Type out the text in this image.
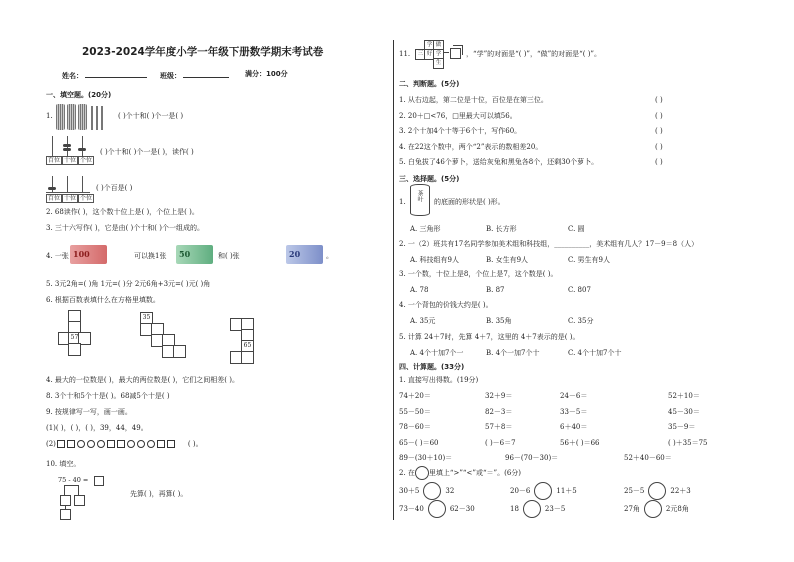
2023-2024学年度小学一年级下册数学期末考试卷
姓名：	班级：	满分：100分
一、填空题。(20分)
1.	( )个十和( )个一是( )
百位 十位 个位
( )个十和( )个一是( )，读作( )
百位 十位 个位
( )个百是( )
2. 68读作( )，这个数十位上是( )，个位上是( )。
3. 三十六写作( )，它是由( )个十和( )个一组成的。
4. 一张 100	可以换1张 50	和( )张	20	。
5. 3元2角=( )角 1元=( )分 2元6角+3元=( )元( )角
6. 根据百数表填什么在方格里填数。
57
35
65
4. 最大的一位数是( )，最大的两位数是( )，它们之间相差( )。
8. 3个十和5个十是( )。68减5个十是( )
9. 按规律写一写，画一画。
(1)( )，( )，( )，39，44，49。
(2)	( )。
10. 填空。
75 - 40 =
先算( )，再算( )。
11.
学 做
三 好 学
生
，“学”的对面是“( )”，“做”的对面是“( )”。
二、判断题。(5分)
1. 从右边起，第二位是十位，百位是在第三位。	( )
2. 20＋□<76，□里最大可以填56。	( )
3. 2个十加4个十等于6个十，写作60。	( )
4. 在22这个数中，两个“2”表示的数相差20。	( )
5. 白兔拔了46个萝卜，送给灰兔和黑兔各8个，还剩30个萝卜。	( )
三、选择题。(5分)
1. 茶叶 的底面的形状是( )形。
A. 三角形	B. 长方形	C. 圆
2. 一（2）班共有17名同学参加美术组和科技组，__________，美术组有几人？17－9＝8（人）
A. 科技组有9人	B. 女生有9人	C. 男生有9人
3. 一个数，十位上是8，个位上是7，这个数是( )。
A. 78	B. 87	C. 807
4. 一个背包的价钱大约是( )。
A. 35元	B. 35角	C. 35分
5. 计算 24＋7时，先算 4＋7，这里的 4＋7表示的是( )。
A. 4个十加7个一	B. 4个一加7个十	C. 4个十加7个十
四、计算题。(33分)
1. 直接写出得数。(19分)
74＋20＝	32＋9＝	24－6＝	52＋10＝
55－50＝	82－3＝	33－5＝	45－30＝
78－60＝	57＋8＝	6＋40＝	35－9＝
65－( )＝60	( )－6＝7	56＋( )＝66	( )＋35＝75
89－(30＋10)＝	96－(70－30)＝	52＋40－60＝
2. 在 里填上“>”“<”或“＝”。(6分)
30＋5	32	20－6	11＋5	25－5	22＋3
73－40	62－30	18	23－5	27角	2元8角
